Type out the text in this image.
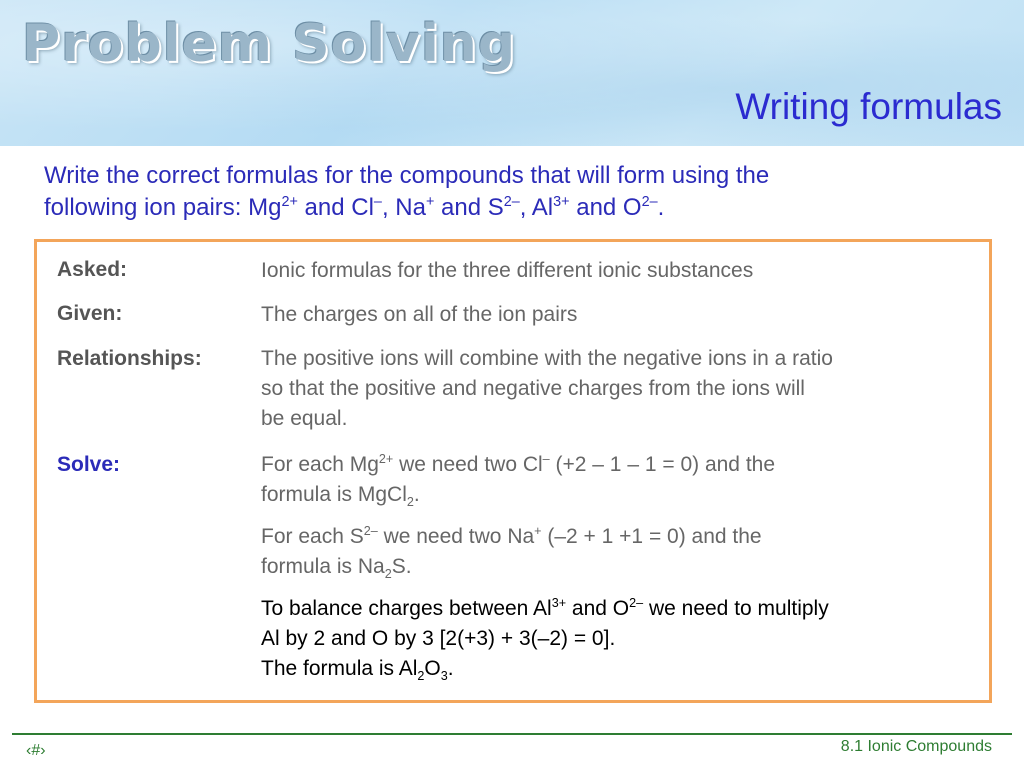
Problem Solving
Writing formulas
Write the correct formulas for the compounds that will form using the
following ion pairs: $Mg^{2+}$ and Cl–, Na+ and $S^{2-}$, $Al^{3+}$ and $O^{2-}$.
Asked:	Ionic formulas for the three different ionic substances
Given:	The charges on all of the ion pairs
Relationships:	The positive ions will combine with the negative ions in a ratio
so that the positive and negative charges from the ions will
be equal.
Solve:	For each $Mg^{2+}$ we need two Cl– (+2 – 1 – 1 = 0) and the
formula is MgCl$_2$.
For each $S^{2-}$ we need two Na+ (–2 + 1 +1 = 0) and the
formula is $Na_2S$.
To balance charges between $Al^{3+}$ and $O^{2-}$ we need to multiply
Al by 2 and O by 3 [2(+3) + 3(–2) = 0].
The formula is $Al_2O_3$.
‹#›	8.1 Ionic Compounds
